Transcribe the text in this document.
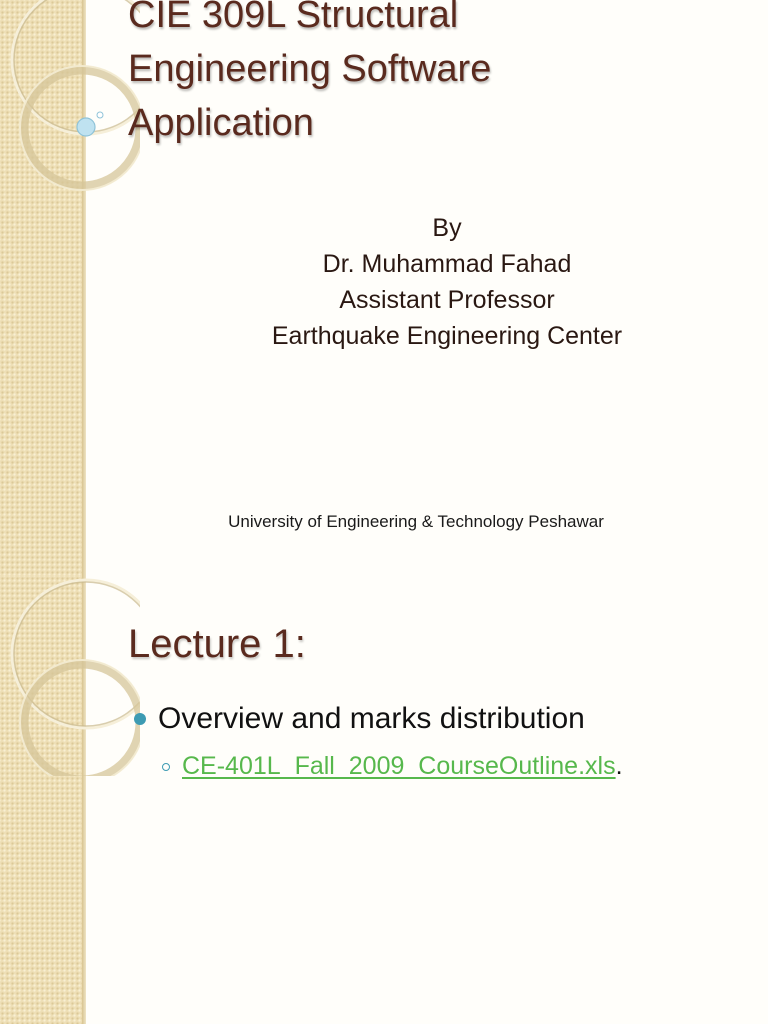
CIE 309L Structural
Engineering Software
Application
By
Dr. Muhammad Fahad
Assistant Professor
Earthquake Engineering Center
University of Engineering & Technology Peshawar
Lecture 1:
Overview and marks distribution
CE-401L_Fall_2009_CourseOutline.xls .
